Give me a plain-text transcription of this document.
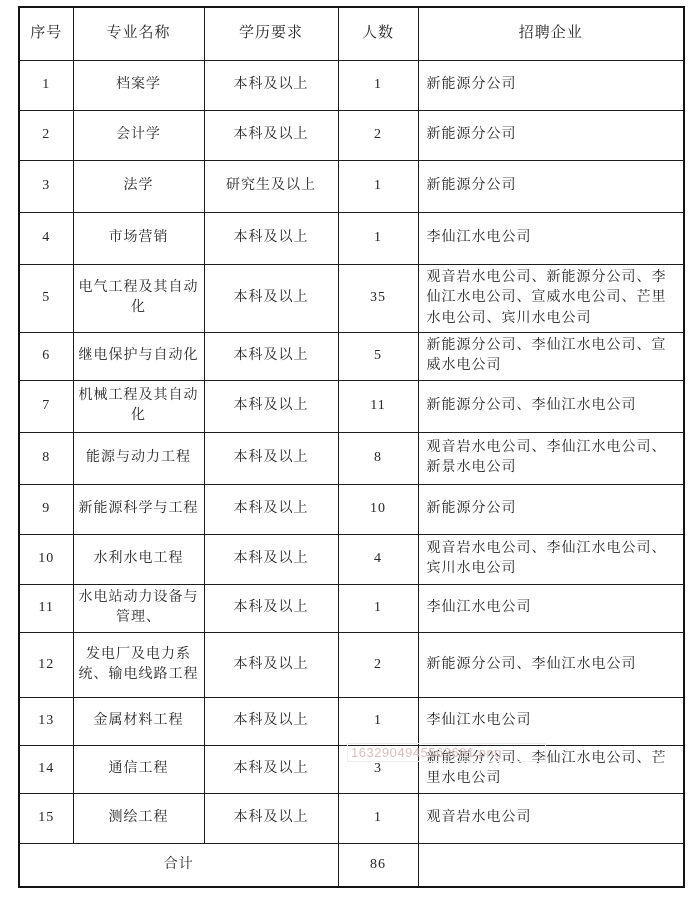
序号	专业名称	学历要求	人数	招聘企业
1	档案学	本科及以上	1	新能源分公司
2	会计学	本科及以上	2	新能源分公司
3	法学	研究生及以上	1	新能源分公司
4	市场营销	本科及以上	1	李仙江水电公司
5	电气工程及其自动化	本科及以上	35	观音岩水电公司、新能源分公司、李仙江水电公司、宣威水电公司、芒里水电公司、宾川水电公司
6	继电保护与自动化	本科及以上	5	新能源分公司、李仙江水电公司、宣威水电公司
7	机械工程及其自动化	本科及以上	11	新能源分公司、李仙江水电公司
8	能源与动力工程	本科及以上	8	观音岩水电公司、李仙江水电公司、新景水电公司
9	新能源科学与工程	本科及以上	10	新能源分公司
10	水利水电工程	本科及以上	4	观音岩水电公司、李仙江水电公司、宾川水电公司
11	水电站动力设备与管理、	本科及以上	1	李仙江水电公司
12	发电厂及电力系统、输电线路工程	本科及以上	2	新能源分公司、李仙江水电公司
13	金属材料工程	本科及以上	1	李仙江水电公司
14	通信工程	本科及以上	3	新能源分公司、李仙江水电公司、芒里水电公司
15	测绘工程	本科及以上	1	观音岩水电公司
合计			86	
1632904945563691.png
